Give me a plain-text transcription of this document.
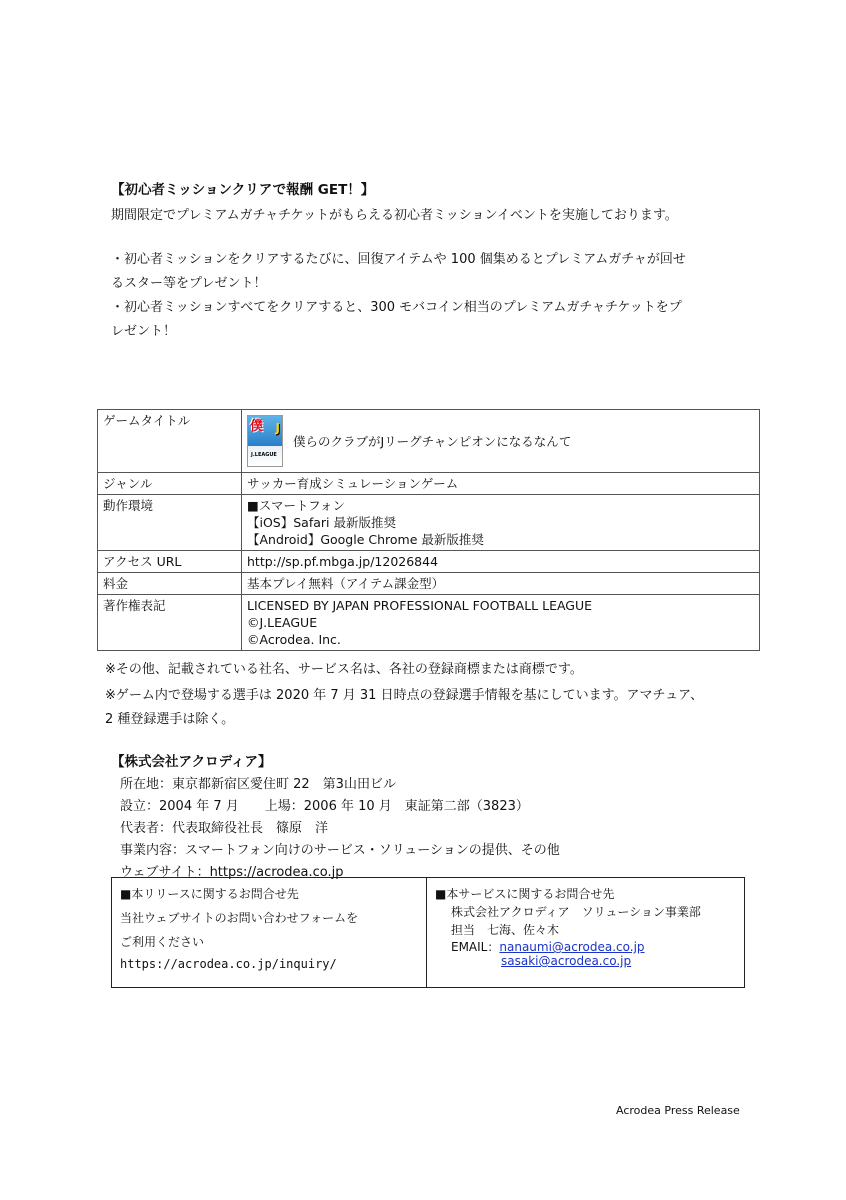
【初心者ミッションクリアで報酬 GET！】
期間限定でプレミアムガチャチケットがもらえる初心者ミッションイベントを実施しております。
・初心者ミッションをクリアするたびに、回復アイテムや 100 個集めるとプレミアムガチャが回せ
るスター等をプレゼント！
・初心者ミッションすべてをクリアすると、300 モバコイン相当のプレミアムガチャチケットをプ
レゼント！
ゲームタイトル	僕 J
J.LEAGUE
僕らのクラブがJリーグチャンピオンになるなんて

ジャンル	サッカー育成シミュレーションゲーム
動作環境	■スマートフォン
【iOS】Safari 最新版推奨
【Android】Google Chrome 最新版推奨

アクセス URL	http://sp.pf.mbga.jp/12026844
料金	基本プレイ無料（アイテム課金型）
著作権表記	LICENSED BY JAPAN PROFESSIONAL FOOTBALL LEAGUE
©J.LEAGUE
©Acrodea. Inc.
※その他、記載されている社名、サービス名は、各社の登録商標または商標です。
※ゲーム内で登場する選手は 2020 年 7 月 31 日時点の登録選手情報を基にしています。アマチュア、
2 種登録選手は除く。
【株式会社アクロディア】
所在地：東京都新宿区愛住町 22　第3山田ビル
設立：2004 年 7 月　　上場：2006 年 10 月　東証第二部（3823）
代表者：代表取締役社長　篠原　洋
事業内容：スマートフォン向けのサービス・ソリューションの提供、その他
ウェブサイト：https://acrodea.co.jp
■本リリースに関するお問合せ先
当社ウェブサイトのお問い合わせフォームを
ご利用ください
https://acrodea.co.jp/inquiry/
■本サービスに関するお問合せ先
株式会社アクロディア　ソリューション事業部
担当　七海、佐々木
EMAIL：nanaumi@acrodea.co.jp
sasaki@acrodea.co.jp
Acrodea Press Release
